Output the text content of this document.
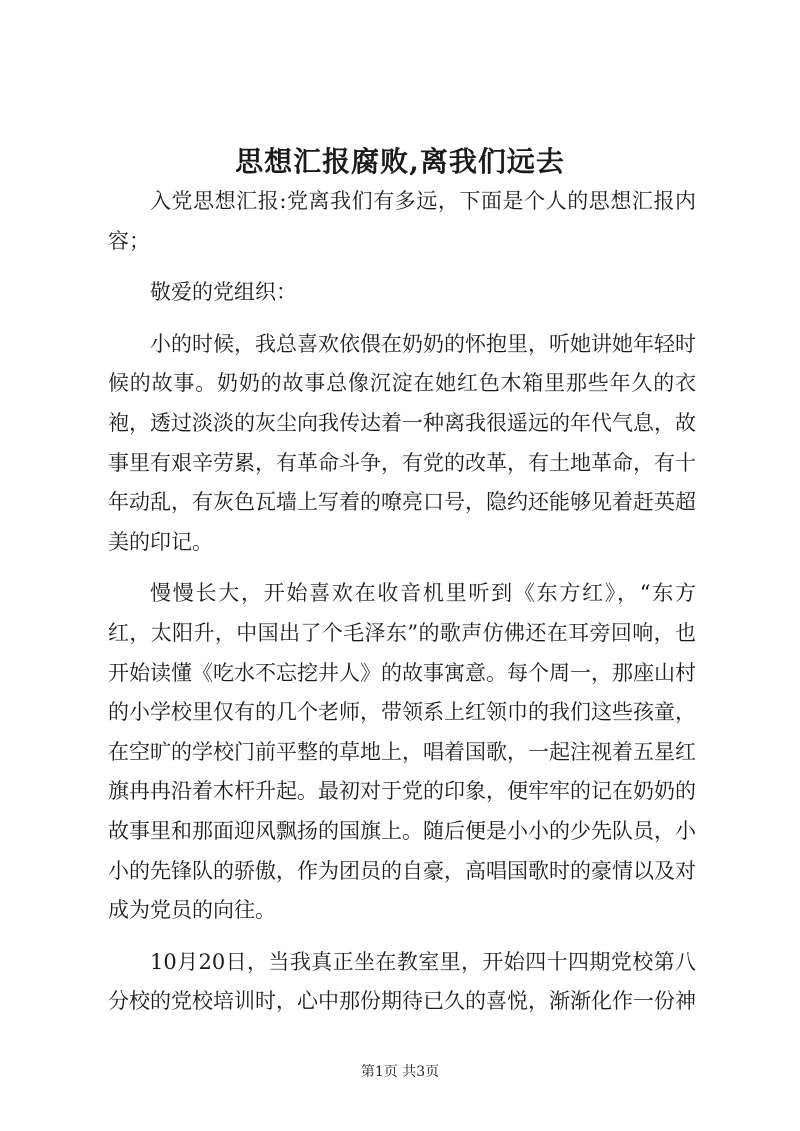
思想汇报腐败,离我们远去

入党思想汇报:党离我们有多远，下面是个人的思想汇报内容；

敬爱的党组织：

小的时候，我总喜欢依偎在奶奶的怀抱里，听她讲她年轻时候的故事。奶奶的故事总像沉淀在她红色木箱里那些年久的衣袍，透过淡淡的灰尘向我传达着一种离我很遥远的年代气息，故事里有艰辛劳累，有革命斗争，有党的改革，有土地革命，有十年动乱，有灰色瓦墙上写着的嘹亮口号，隐约还能够见着赶英超美的印记。

慢慢长大，开始喜欢在收音机里听到《东方红》，“东方红，太阳升，中国出了个毛泽东”的歌声仿佛还在耳旁回响，也开始读懂《吃水不忘挖井人》的故事寓意。每个周一，那座山村的小学校里仅有的几个老师，带领系上红领巾的我们这些孩童，在空旷的学校门前平整的草地上，唱着国歌，一起注视着五星红旗冉冉沿着木杆升起。最初对于党的印象，便牢牢的记在奶奶的故事里和那面迎风飘扬的国旗上。随后便是小小的少先队员，小小的先锋队的骄傲，作为团员的自豪，高唱国歌时的豪情以及对成为党员的向往。

10月20日，当我真正坐在教室里，开始四十四期党校第八分校的党校培训时，心中那份期待已久的喜悦，渐渐化作一份神

第1页 共3页
